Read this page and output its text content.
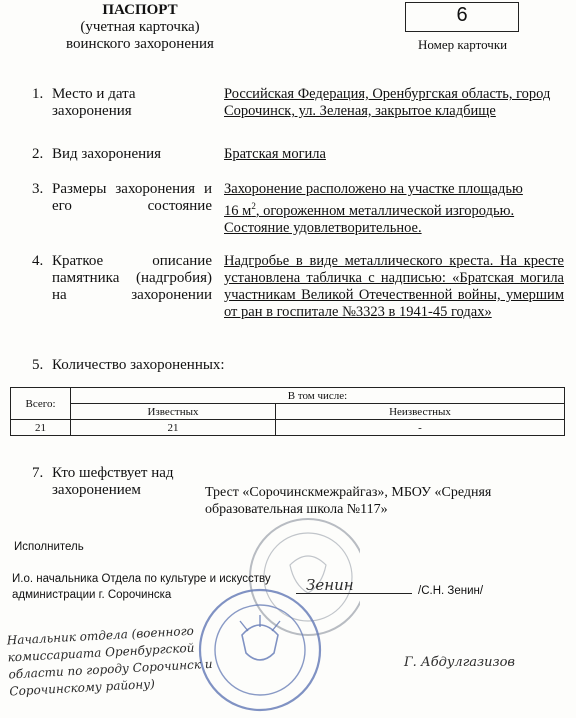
ПАСПОРТ
(учетная карточка)
воинского захоронения
6
Номер карточки
1. Место и дата захоронения
Российская Федерация, Оренбургская область, город Сорочинск, ул. Зеленая, закрытое кладбище
2. Вид захоронения	Братская могила
3. Размеры захоронения и его состояние
Захоронение расположено на участке площадью
16 $м^2$, огороженном металлической изгородью.
Состояние удовлетворительное.
4. Краткое описание памятника (надгробия) на захоронении
Надгробье в виде металлического креста. На кресте установлена табличка с надписью: «Братская могила участникам Великой Отечественной войны, умершим от ран в госпитале №3323 в 1941-45 годах»
5. Количество захороненных:
Всего:	В том числе:	
	Известных	Неизвестных
21	21	-
7. Кто шефствует над захоронением	Трест «Сорочинскмежрайгаз», МБОУ «Средняя образовательная школа №117»
Исполнитель
И.о. начальника Отдела по культуре и искусству администрации г. Сорочинска
Зенин	/С.Н. Зенин/
Начальник отдела (военного комиссариата Оренбургской области по городу Сорочинск и Сорочинскому району)
Г. Абдулгазизов
